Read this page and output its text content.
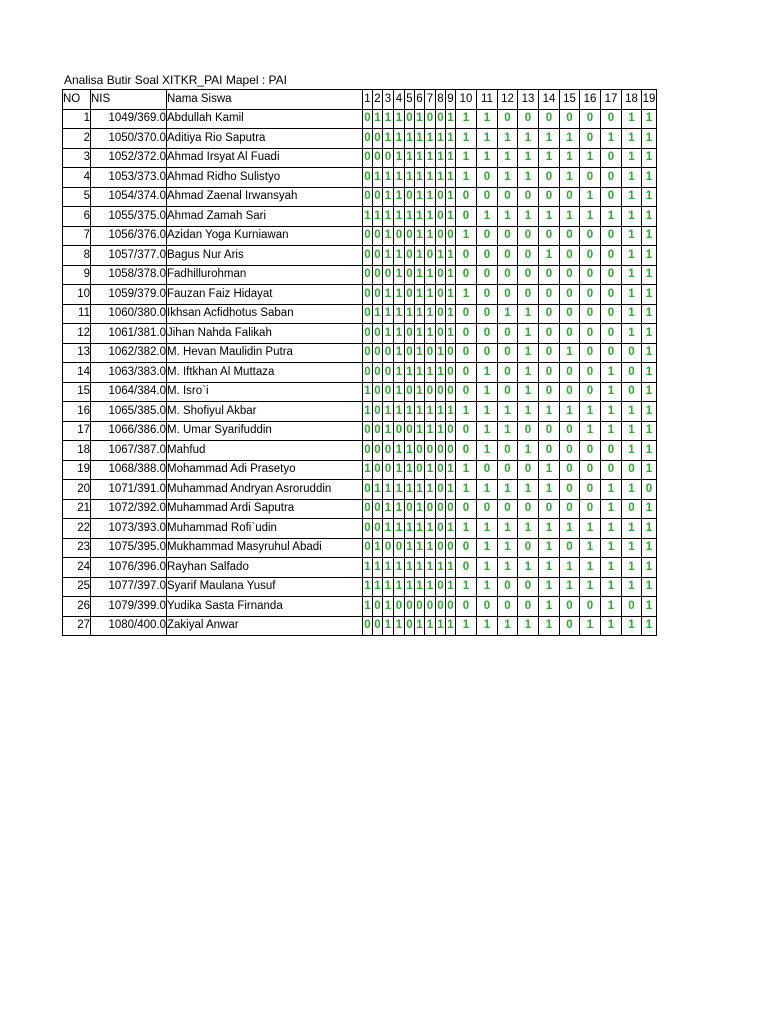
Analisa Butir Soal XITKR_PAI Mapel : PAI
NO	NIS	Nama Siswa	1	2	3	4	5	6	7	8	9	10	11	12	13	14	15	16	17	18	19
1	1049/369.0	Abdullah Kamil	0	1	1	1	0	1	0	0	1	1	1	0	0	0	0	0	0	1	1
2	1050/370.0	Aditiya Rio Saputra	0	0	1	1	1	1	1	1	1	1	1	1	1	1	1	0	1	1	1
3	1052/372.0	Ahmad Irsyat Al Fuadi	0	0	0	1	1	1	1	1	1	1	1	1	1	1	1	1	0	1	1
4	1053/373.0	Ahmad Ridho Sulistyo	0	1	1	1	1	1	1	1	1	1	0	1	1	0	1	0	0	1	1
5	1054/374.0	Ahmad Zaenal Irwansyah	0	0	1	1	0	1	1	0	1	0	0	0	0	0	0	1	0	1	1
6	1055/375.0	Ahmad Zamah Sari	1	1	1	1	1	1	1	0	1	0	1	1	1	1	1	1	1	1	1
7	1056/376.0	Azidan Yoga Kurniawan	0	0	1	0	0	1	1	0	0	1	0	0	0	0	0	0	0	1	1
8	1057/377.0	Bagus Nur Aris	0	0	1	1	0	1	0	1	1	0	0	0	0	1	0	0	0	1	1
9	1058/378.0	Fadhillurohman	0	0	0	1	0	1	1	0	1	0	0	0	0	0	0	0	0	1	1
10	1059/379.0	Fauzan Faiz Hidayat	0	0	1	1	0	1	1	0	1	1	0	0	0	0	0	0	0	1	1
11	1060/380.0	Ikhsan Acfidhotus Saban	0	1	1	1	1	1	1	0	1	0	0	1	1	0	0	0	0	1	1
12	1061/381.0	Jihan Nahda Falikah	0	0	1	1	0	1	1	0	1	0	0	0	1	0	0	0	0	1	1
13	1062/382.0	M. Hevan Maulidin Putra	0	0	0	1	0	1	0	1	0	0	0	0	1	0	1	0	0	0	1
14	1063/383.0	M. Iftkhan Al Muttaza	0	0	0	1	1	1	1	1	0	0	1	0	1	0	0	0	1	0	1
15	1064/384.0	M. Isro`i	1	0	0	1	0	1	0	0	0	0	1	0	1	0	0	0	1	0	1
16	1065/385.0	M. Shofiyul Akbar	1	0	1	1	1	1	1	1	1	1	1	1	1	1	1	1	1	1	1
17	1066/386.0	M. Umar Syarifuddin	0	0	1	0	0	1	1	1	0	0	1	1	0	0	0	1	1	1	1
18	1067/387.0	Mahfud	0	0	0	1	1	0	0	0	0	0	1	0	1	0	0	0	0	1	1
19	1068/388.0	Mohammad Adi Prasetyo	1	0	0	1	1	0	1	0	1	1	0	0	0	1	0	0	0	0	1
20	1071/391.0	Muhammad Andryan Asroruddin	0	1	1	1	1	1	1	0	1	1	1	1	1	1	0	0	1	1	0
21	1072/392.0	Muhammad Ardi Saputra	0	0	1	1	0	1	0	0	0	0	0	0	0	0	0	0	1	0	1
22	1073/393.0	Muhammad Rofi`udin	0	0	1	1	1	1	1	0	1	1	1	1	1	1	1	1	1	1	1
23	1075/395.0	Mukhammad Masyruhul Abadi	0	1	0	0	1	1	1	0	0	0	1	1	0	1	0	1	1	1	1
24	1076/396.0	Rayhan Salfado	1	1	1	1	1	1	1	1	1	0	1	1	1	1	1	1	1	1	1
25	1077/397.0	Syarif Maulana Yusuf	1	1	1	1	1	1	1	0	1	1	1	0	0	1	1	1	1	1	1
26	1079/399.0	Yudika Sasta Firnanda	1	0	1	0	0	0	0	0	0	0	0	0	0	1	0	0	1	0	1
27	1080/400.0	Zakiyal Anwar	0	0	1	1	0	1	1	1	1	1	1	1	1	1	0	1	1	1	1
